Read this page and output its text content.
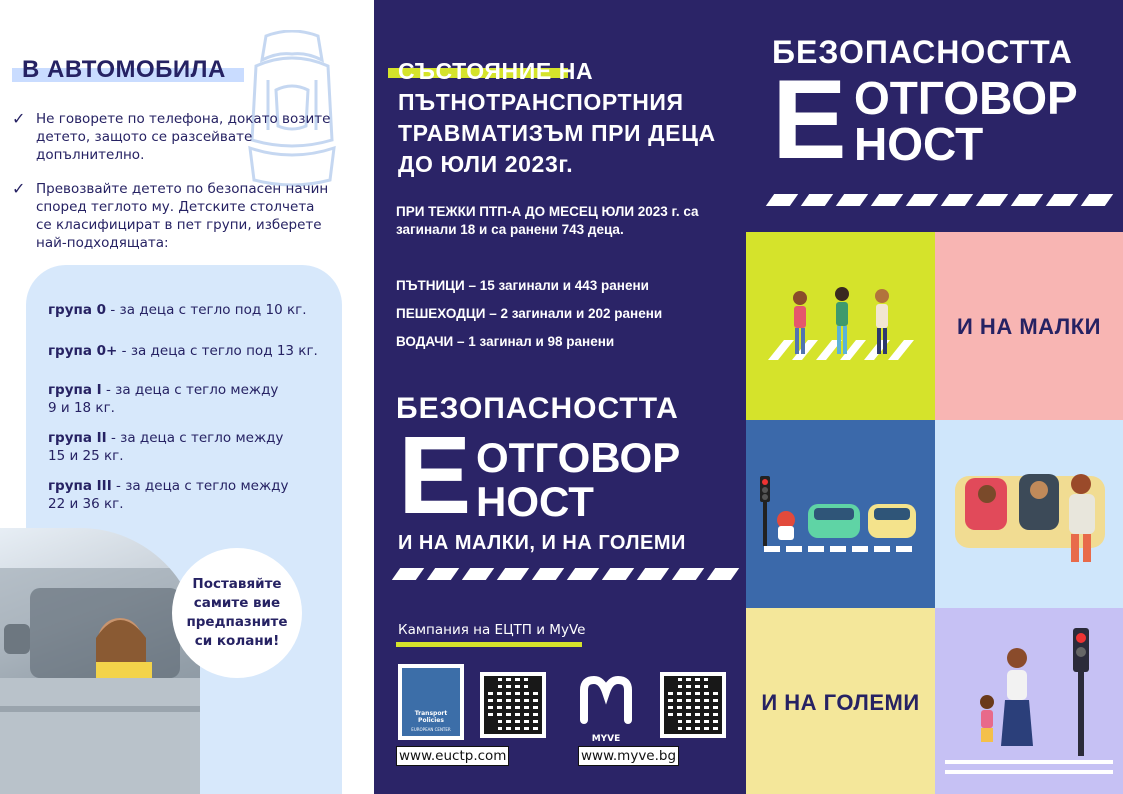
В АВТОМОБИЛА
✓ Не говорете по телефона, докато возите детето, защото се разсейвате допълнително.
✓ Превозвайте детето по безопасен начин според теглото му. Детските столчета се класифицират в пет групи, изберете най-подходящата:
група 0 - за деца с тегло под 10 кг.
група 0+ - за деца с тегло под 13 кг.
група I - за деца с тегло между 9 и 18 кг.
група II - за деца с тегло между 15 и 25 кг.
група III - за деца с тегло между 22 и 36 кг.
Поставяйте самите вие предпазните си колани!
СЪСТОЯНИЕ НА ПЪТНОТРАНСПОРТНИЯ ТРАВМАТИЗЪМ ПРИ ДЕЦА ДО ЮЛИ 2023г.

ПРИ ТЕЖКИ ПТП-А ДО МЕСЕЦ ЮЛИ 2023 г. са загинали 18 и са ранени 743 деца.

ПЪТНИЦИ – 15 загинали и 443 ранени

ПЕШЕХОДЦИ – 2 загинали и 202 ранени

ВОДАЧИ – 1 загинал и 98 ранени

БЕЗОПАСНОСТТА
Е ОТГОВОР
НОСТ
И НА МАЛКИ, И НА ГОЛЕМИ

Кампания на ЕЦТП и MyVe

Transport Policies
EUROPEAN CENTER
MYVE
www.euctp.com	www.myve.bg
БЕЗОПАСНОСТТА
Е ОТГОВОР
НОСТ
И НА МАЛКИ
И НА ГОЛЕМИ
